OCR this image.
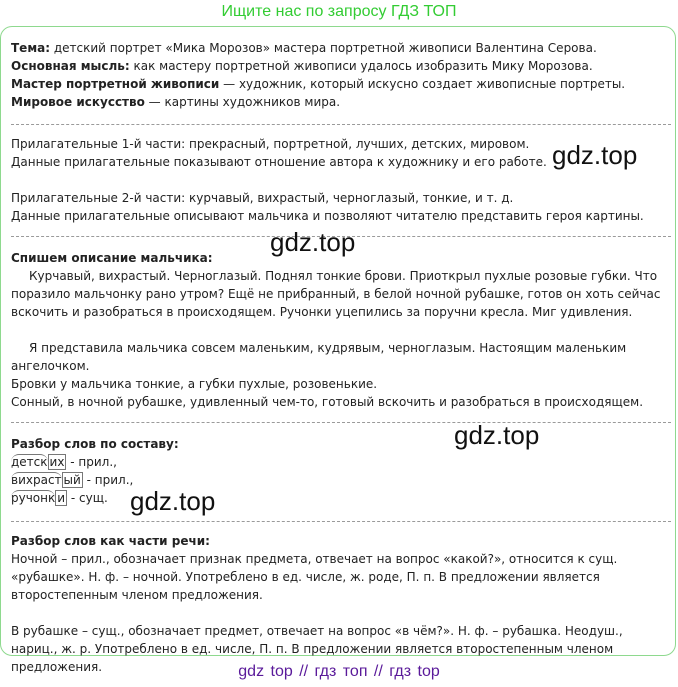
Ищите нас по запросу ГДЗ ТОП

Тема: детский портрет «Мика Морозов» мастера портретной живописи Валентина Серова.

Основная мысль: как мастеру портретной живописи удалось изобразить Мику Морозова.

Мастер портретной живописи — художник, который искусно создает живописные портреты.

Мировое искусство — картины художников мира.

Прилагательные 1-й части: прекрасный, портретной, лучших, детских, мировом.

Данные прилагательные показывают отношение автора к художнику и его работе.

Прилагательные 2-й части: курчавый, вихрастый, черноглазый, тонкие, и т. д.

Данные прилагательные описывают мальчика и позволяют читателю представить героя картины.

Спишем описание мальчика:

Курчавый, вихрастый. Черноглазый. Поднял тонкие брови. Приоткрыл пухлые розовые губки. Что поразило мальчонку рано утром? Ещё не прибранный, в белой ночной рубашке, готов он хоть сейчас вскочить и разобраться в происходящем. Ручонки уцепились за поручни кресла. Миг удивления.

Я представила мальчика совсем маленьким, кудрявым, черноглазым. Настоящим маленьким ангелочком.

Бровки у мальчика тонкие, а губки пухлые, розовенькие.

Сонный, в ночной рубашке, удивленный чем-то, готовый вскочить и разобраться в происходящем.

Разбор слов по составу:

детск их - прил.,

вихраст ый - прил.,

ручонк и - сущ.

Разбор слов как части речи:

Ночной – прил., обозначает признак предмета, отвечает на вопрос «какой?», относится к сущ. «рубашке». Н. ф. – ночной. Употреблено в ед. числе, ж. роде, П. п. В предложении является второстепенным членом предложения.

В рубашке – сущ., обозначает предмет, отвечает на вопрос «в чём?». Н. ф. – рубашка. Неодуш., нариц., ж. р. Употреблено в ед. числе, П. п. В предложении является второстепенным членом предложения.

gdz.top
gdz.top
gdz.top
gdz.top
gdz top // гдз топ // гдз top
